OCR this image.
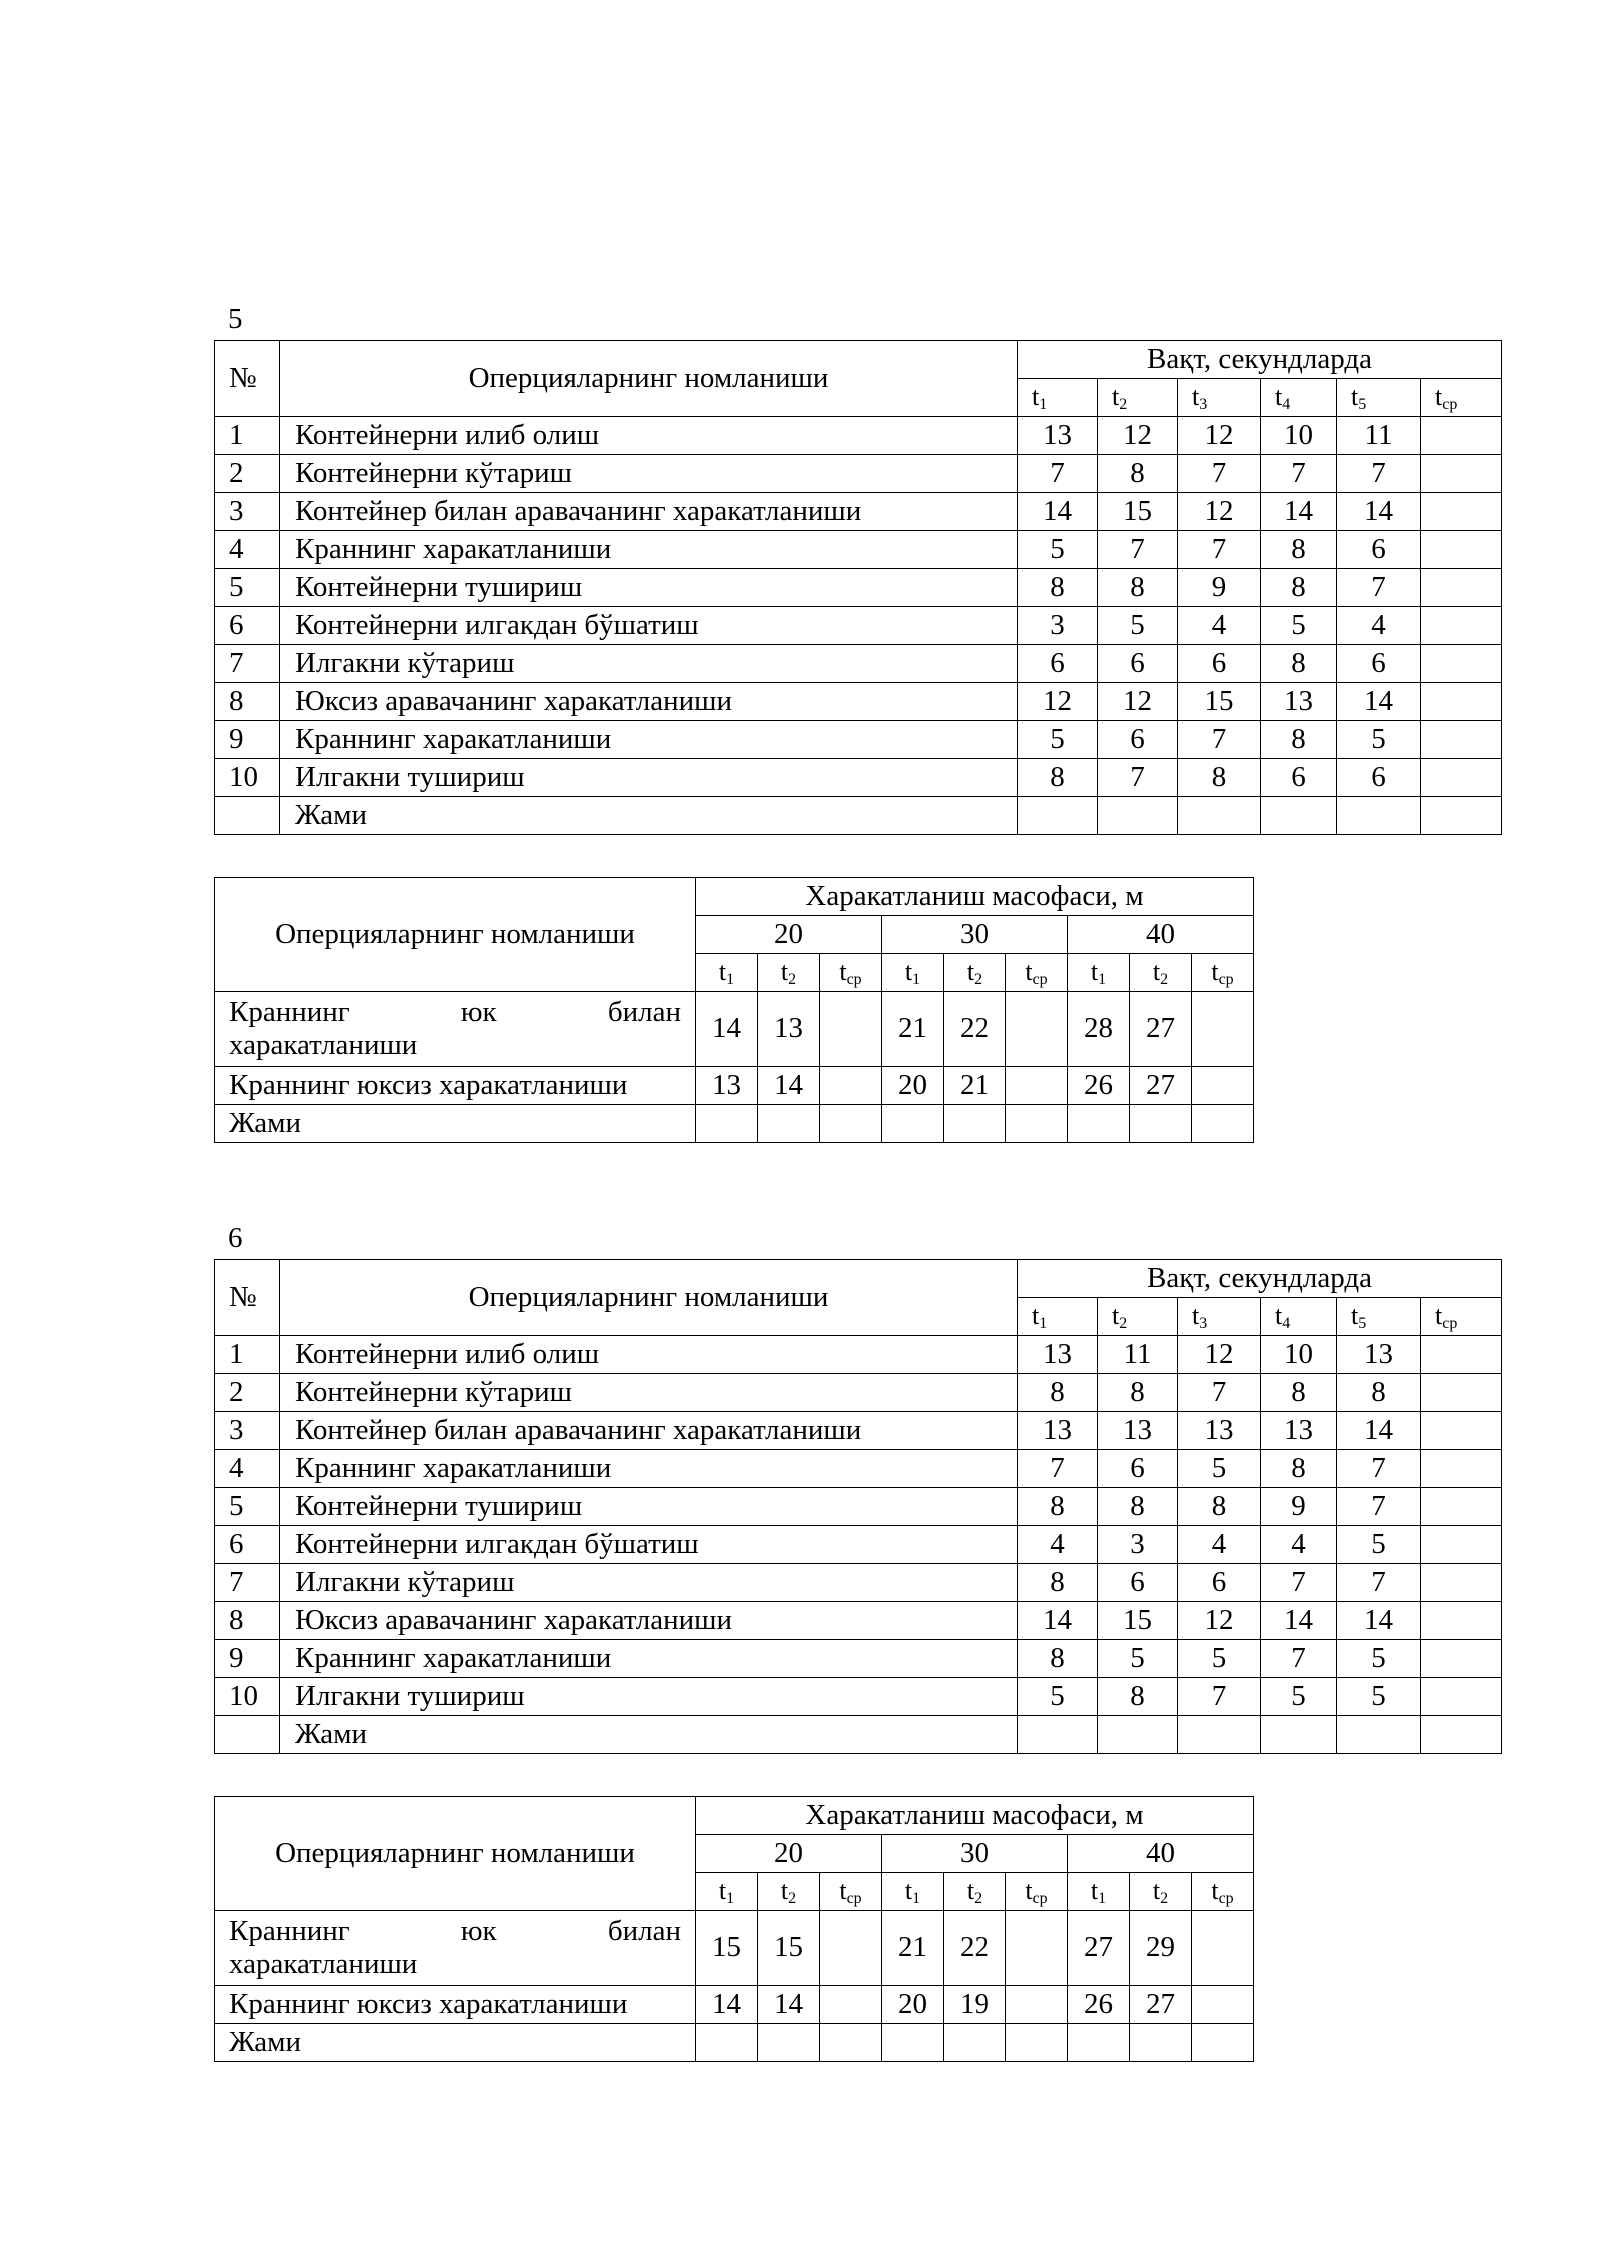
5
№	Оперцияларнинг номланиши	Вақт, секундларда					
		$t_1$	$t_2$	$t_3$	$t_4$	$t_5$	$t_{ср}$
1	Контейнерни илиб олиш	13	12	12	10	11	
2	Контейнерни кўтариш	7	8	7	7	7	
3	Контейнер билан аравачанинг харакатланиши	14	15	12	14	14	
4	Краннинг харакатланиши	5	7	7	8	6	
5	Контейнерни тушириш	8	8	9	8	7	
6	Контейнерни илгакдан бўшатиш	3	5	4	5	4	
7	Илгакни кўтариш	6	6	6	8	6	
8	Юксиз аравачанинг харакатланиши	12	12	15	13	14	
9	Краннинг харакатланиши	5	6	7	8	5	
10	Илгакни тушириш	8	7	8	6	6	
	Жами						
Оперцияларнинг номланиши	Харакатланиш масофаси, м								
	20			30			40		
	$t_1$	$t_2$	$t_{ср}$	$t_1$	$t_2$	$t_{ср}$	$t_1$	$t_2$	$t_{ср}$

Краннинг юк билан
харакатланиши	14	13		21	22		28	27	
Краннинг юксиз харакатланиши	13	14		20	21		26	27	
Жами									
6
№	Оперцияларнинг номланиши	Вақт, секундларда					
		$t_1$	$t_2$	$t_3$	$t_4$	$t_5$	$t_{ср}$
1	Контейнерни илиб олиш	13	11	12	10	13	
2	Контейнерни кўтариш	8	8	7	8	8	
3	Контейнер билан аравачанинг харакатланиши	13	13	13	13	14	
4	Краннинг харакатланиши	7	6	5	8	7	
5	Контейнерни тушириш	8	8	8	9	7	
6	Контейнерни илгакдан бўшатиш	4	3	4	4	5	
7	Илгакни кўтариш	8	6	6	7	7	
8	Юксиз аравачанинг харакатланиши	14	15	12	14	14	
9	Краннинг харакатланиши	8	5	5	7	5	
10	Илгакни тушириш	5	8	7	5	5	
	Жами						
Оперцияларнинг номланиши	Харакатланиш масофаси, м								
	20			30			40		
	$t_1$	$t_2$	$t_{ср}$	$t_1$	$t_2$	$t_{ср}$	$t_1$	$t_2$	$t_{ср}$

Краннинг юк билан
харакатланиши	15	15		21	22		27	29	
Краннинг юксиз харакатланиши	14	14		20	19		26	27	
Жами									
